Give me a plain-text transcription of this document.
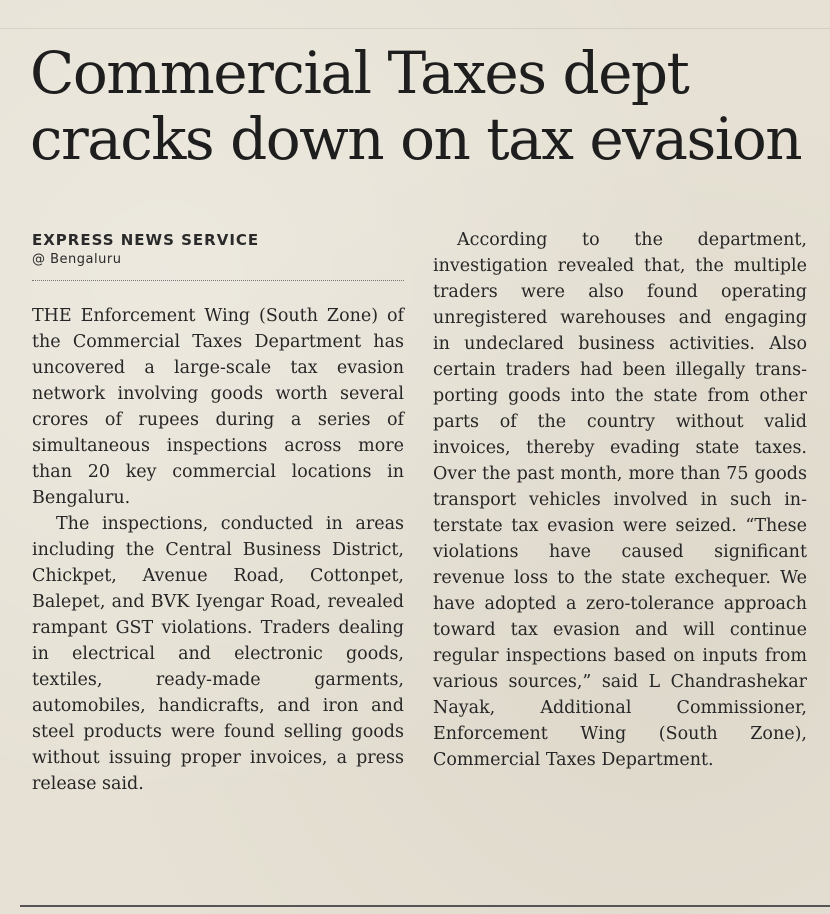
Commercial Taxes dept
cracks down on tax evasion
EXPRESS NEWS SERVICE
@ Bengaluru

THE Enforcement Wing (South Zone) of the Commercial Taxes Department has uncovered a large-scale tax evasion network involving goods worth several crores of rupees during a series of simultaneous inspections across more than 20 key commercial locations in Bengaluru.

The inspections, conducted in areas including the Central Business District, Chickpet, Avenue Road, Cottonpet, Balepet, and BVK Iyengar Road, revealed rampant GST violations. Traders dealing in electrical and electronic goods, textiles, ready-made garments, automobiles, handicrafts, and iron and steel products were found selling goods without issuing proper invoices, a press release said.

According to the department, investigation revealed that, the multiple traders were also found operating unregistered warehouses and engaging in undeclared business activities. Also certain traders had been illegally transporting goods into the state from other parts of the country without valid invoices, thereby evading state taxes. Over the past month, more than 75 goods transport vehicles involved in such interstate tax evasion were seized. “These violations have caused significant revenue loss to the state exchequer. We have adopted a zero-tolerance approach toward tax evasion and will continue regular inspections based on inputs from various sources,” said L Chandrashekar Nayak, Additional Commissioner, Enforcement Wing (South Zone), Commercial Taxes Department.
